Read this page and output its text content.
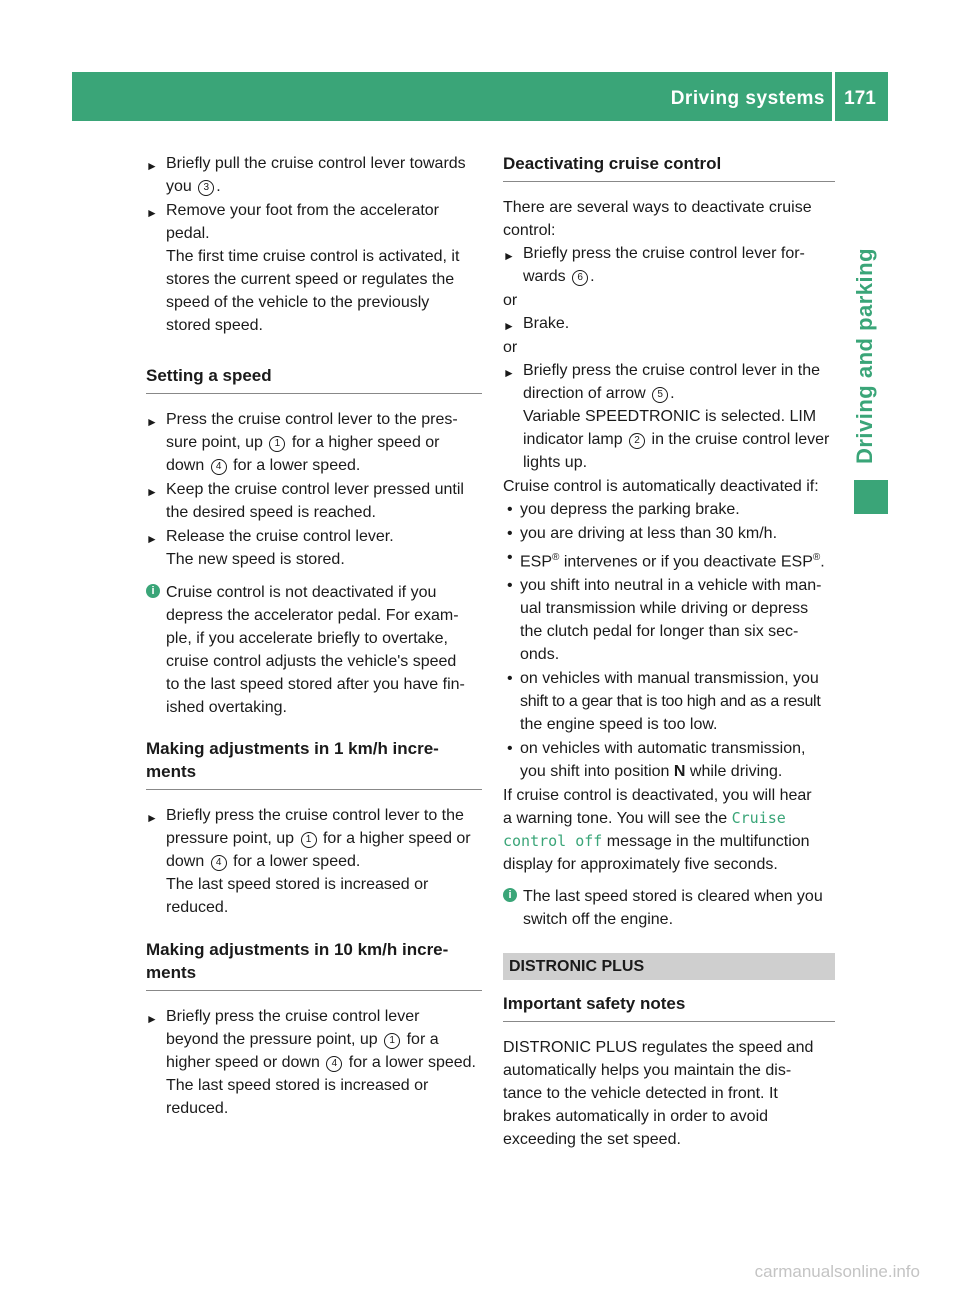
Driving systems	171
Driving and parking
► Briefly pull the cruise control lever towards
you 3 .
► Remove your foot from the accelerator
pedal.
The first time cruise control is activated, it
stores the current speed or regulates the
speed of the vehicle to the previously
stored speed.
Setting a speed
► Press the cruise control lever to the pres-
sure point, up 1 for a higher speed or
down 4 for a lower speed.
► Keep the cruise control lever pressed until
the desired speed is reached.
► Release the cruise control lever.
The new speed is stored.
i Cruise control is not deactivated if you
depress the accelerator pedal. For exam-
ple, if you accelerate briefly to overtake,
cruise control adjusts the vehicle's speed
to the last speed stored after you have fin-
ished overtaking.
Making adjustments in 1 km/h incre-
ments
► Briefly press the cruise control lever to the
pressure point, up 1 for a higher speed or
down 4 for a lower speed.
The last speed stored is increased or
reduced.
Making adjustments in 10 km/h incre-
ments
► Briefly press the cruise control lever
beyond the pressure point, up 1 for a
higher speed or down 4 for a lower speed.
The last speed stored is increased or
reduced.
Deactivating cruise control
There are several ways to deactivate cruise
control:
► Briefly press the cruise control lever for-
wards 6 .
or
► Brake.
or
► Briefly press the cruise control lever in the
direction of arrow 5 .
Variable SPEEDTRONIC is selected. LIM
indicator lamp 2 in the cruise control lever
lights up.
Cruise control is automatically deactivated if:
• you depress the parking brake.
• you are driving at less than 30 km/h.
• ESP® intervenes or if you deactivate ESP®.
• you shift into neutral in a vehicle with man-
ual transmission while driving or depress
the clutch pedal for longer than six sec-
onds.
• on vehicles with manual transmission, you
shift to a gear that is too high and as a result
the engine speed is too low.
• on vehicles with automatic transmission,
you shift into position N while driving.
If cruise control is deactivated, you will hear
a warning tone. You will see the Cruise
control off message in the multifunction
display for approximately five seconds.
i The last speed stored is cleared when you
switch off the engine.
DISTRONIC PLUS
Important safety notes
DISTRONIC PLUS regulates the speed and
automatically helps you maintain the dis-
tance to the vehicle detected in front. It
brakes automatically in order to avoid
exceeding the set speed.
carmanualsonline.info
